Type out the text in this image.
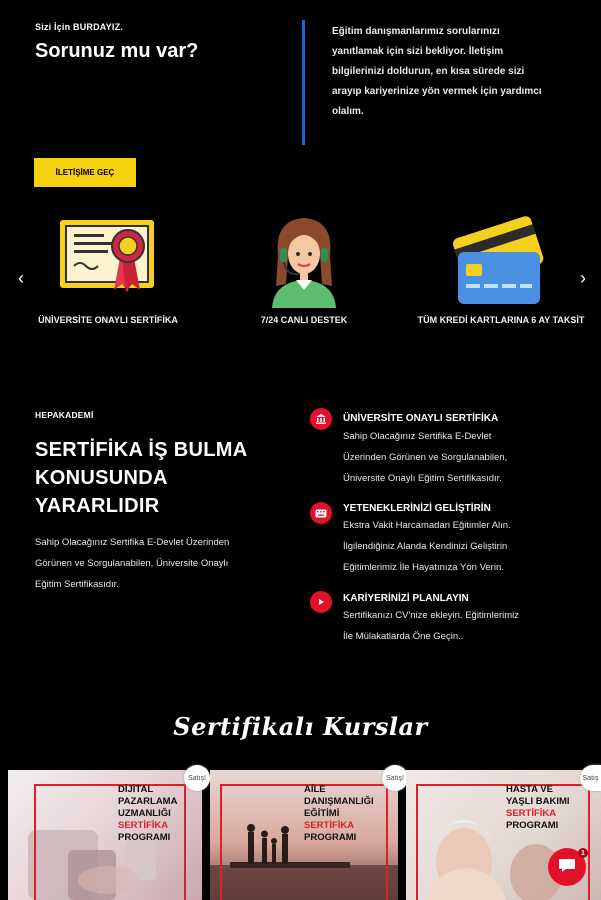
Sizi İçin BURDAYIZ.
Sorunuz mu var?
Eğitim danışmanlarımız sorularınızı
yanıtlamak için sizi bekliyor. İletişim
bilgilerinizi doldurun, en kısa sürede sizi
arayıp kariyerinize yön vermek için yardımcı
olalım.
İLETİŞİME GEÇ
‹	›
ÜNİVERSİTE ONAYLI SERTİFİKA	7/24 CANLI DESTEK	TÜM KREDİ KARTLARINA 6 AY TAKSİT
HEPAKADEMİ
SERTİFİKA İŞ BULMA
KONUSUNDA
YARARLIDIR
Sahip Olacağınız Sertifika E-Devlet Üzerinden
Görünen ve Sorgulanabilen, Üniversite Onaylı
Eğitim Sertifikasıdır.
ÜNİVERSİTE ONAYLI SERTİFİKA
Sahip Olacağınız Sertifika E-Devlet
Üzerinden Görünen ve Sorgulanabilen,
Üniversite Onaylı Eğitim Sertifikasıdır.
YETENEKLERİNİZİ GELİŞTİRİN
Ekstra Vakit Harcamadan Eğitimler Alın.
İlgilendiğiniz Alanda Kendinizi Geliştirin
Eğitimlerimiz İle Hayatınıza Yön Verin.
KARİYERİNİZİ PLANLAYIN
Sertifikanızı CV'nize ekleyin. Eğitimlerimiz
İle Mülakatlarda Öne Geçin..
Sertifikalı Kurslar
DİJİTAL
PAZARLAMA
UZMANLIĞI
SERTİFİKA
PROGRAMI
Satış!
AİLE
DANIŞMANLIĞI
EĞİTİMİ
SERTİFİKA
PROGRAMI
Satış!
HASTA VE
YAŞLI BAKIMI
SERTİFİKA
PROGRAMI
Satış
1
